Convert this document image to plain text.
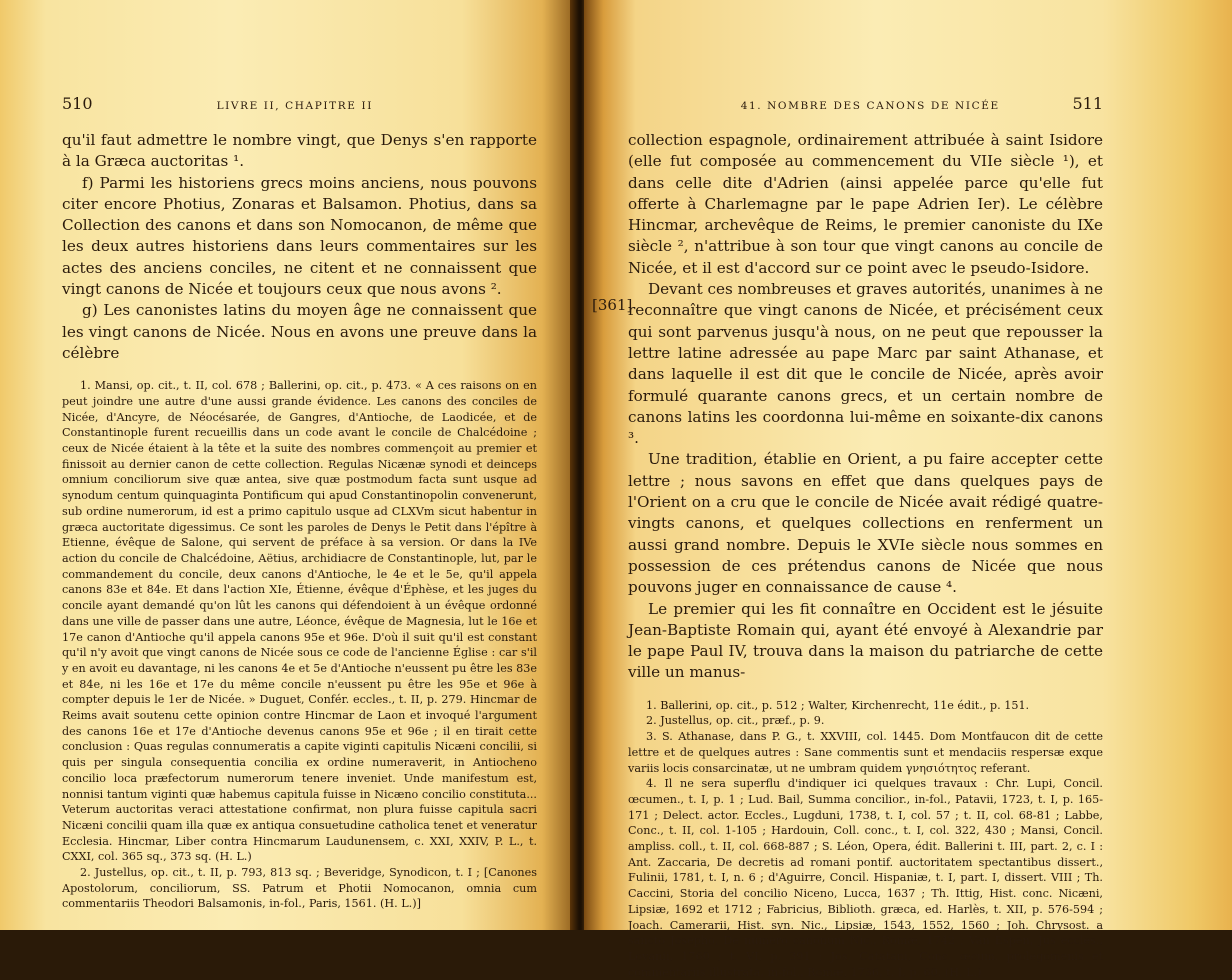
510	LIVRE II, CHAPITRE II

qu'il faut admettre le nombre vingt, que Denys s'en rapporte à la Græca auctoritas ¹.

f) Parmi les historiens grecs moins anciens, nous pouvons citer encore Photius, Zonaras et Balsamon. Photius, dans sa Collection des canons et dans son Nomocanon, de même que les deux autres historiens dans leurs commentaires sur les actes des anciens conciles, ne citent et ne connaissent que vingt canons de Nicée et toujours ceux que nous avons ².

g) Les canonistes latins du moyen âge ne connaissent que les vingt canons de Nicée. Nous en avons une preuve dans la célèbre

1. Mansi, op. cit., t. II, col. 678 ; Ballerini, op. cit., p. 473. « A ces raisons on en peut joindre une autre d'une aussi grande évidence. Les canons des conciles de Nicée, d'Ancyre, de Néocésarée, de Gangres, d'Antioche, de Laodicée, et de Constantinople furent recueillis dans un code avant le concile de Chalcédoine ; ceux de Nicée étaient à la tête et la suite des nombres commençoit au premier et finissoit au dernier canon de cette collection. Regulas Nicænæ synodi et deinceps omnium conciliorum sive quæ antea, sive quæ postmodum facta sunt usque ad synodum centum quinquaginta Pontificum qui apud Constantinopolin convenerunt, sub ordine numerorum, id est a primo capitulo usque ad CLXVm sicut habentur in græca auctoritate digessimus. Ce sont les paroles de Denys le Petit dans l'épître à Etienne, évêque de Salone, qui servent de préface à sa version. Or dans la IVe action du concile de Chalcédoine, Aëtius, archidiacre de Constantinople, lut, par le commandement du concile, deux canons d'Antioche, le 4e et le 5e, qu'il appela canons 83e et 84e. Et dans l'action XIe, Étienne, évêque d'Éphèse, et les juges du concile ayant demandé qu'on lût les canons qui défendoient à un évêque ordonné dans une ville de passer dans une autre, Léonce, évêque de Magnesia, lut le 16e et 17e canon d'Antioche qu'il appela canons 95e et 96e. D'où il suit qu'il est constant qu'il n'y avoit que vingt canons de Nicée sous ce code de l'ancienne Église : car s'il y en avoit eu davantage, ni les canons 4e et 5e d'Antioche n'eussent pu être les 83e et 84e, ni les 16e et 17e du même concile n'eussent pu être les 95e et 96e à compter depuis le 1er de Nicée. » Duguet, Confér. eccles., t. II, p. 279. Hincmar de Reims avait soutenu cette opinion contre Hincmar de Laon et invoqué l'argument des canons 16e et 17e d'Antioche devenus canons 95e et 96e ; il en tirait cette conclusion : Quas regulas connumeratis a capite viginti capitulis Nicæni concilii, si quis per singula consequentia concilia ex ordine numeraverit, in Antiocheno concilio loca præfectorum numerorum tenere inveniet. Unde manifestum est, nonnisi tantum viginti quæ habemus capitula fuisse in Nicæno concilio constituta... Veterum auctoritas veraci attestatione confirmat, non plura fuisse capitula sacri Nicæni concilii quam illa quæ ex antiqua consuetudine catholica tenet et veneratur Ecclesia. Hincmar, Liber contra Hincmarum Laudunensem, c. XXI, XXIV, P. L., t. CXXI, col. 365 sq., 373 sq. (H. L.)

2. Justellus, op. cit., t. II, p. 793, 813 sq. ; Beveridge, Synodicon, t. I ; [Canones Apostolorum, conciliorum, SS. Patrum et Photii Nomocanon, omnia cum commentariis Theodori Balsamonis, in-fol., Paris, 1561. (H. L.)]

41. NOMBRE DES CANONS DE NICÉE	511

collection espagnole, ordinairement attribuée à saint Isidore (elle fut composée au commencement du VIIe siècle ¹), et dans celle dite d'Adrien (ainsi appelée parce qu'elle fut offerte à Charlemagne par le pape Adrien Ier). Le célèbre Hincmar, archevêque de Reims, le premier canoniste du IXe siècle ², n'attribue à son tour que vingt canons au concile de Nicée, et il est d'accord sur ce point avec le pseudo-Isidore.

Devant ces nombreuses et graves autorités, unanimes à ne reconnaître que vingt canons de Nicée, et précisément ceux qui sont parvenus jusqu'à nous, on ne peut que repousser la lettre latine adressée au pape Marc par saint Athanase, et dans laquelle il est dit que le concile de Nicée, après avoir formulé quarante canons grecs, et un certain nombre de canons latins les coordonna lui-même en soixante-dix canons ³.

Une tradition, établie en Orient, a pu faire accepter cette lettre ; nous savons en effet que dans quelques pays de l'Orient on a cru que le concile de Nicée avait rédigé quatre-vingts canons, et quelques collections en renferment un aussi grand nombre. Depuis le XVIe siècle nous sommes en possession de ces prétendus canons de Nicée que nous pouvons juger en connaissance de cause ⁴.

Le premier qui les fit connaître en Occident est le jésuite Jean-Baptiste Romain qui, ayant été envoyé à Alexandrie par le pape Paul IV, trouva dans la maison du patriarche de cette ville un manus-

1. Ballerini, op. cit., p. 512 ; Walter, Kirchenrecht, 11e édit., p. 151.

2. Justellus, op. cit., præf., p. 9.

3. S. Athanase, dans P. G., t. XXVIII, col. 1445. Dom Montfaucon dit de cette lettre et de quelques autres : Sane commentis sunt et mendaciis respersæ exque variis locis consarcinatæ, ut ne umbram quidem γνησιότητος referant.

4. Il ne sera superflu d'indiquer ici quelques travaux : Chr. Lupi, Concil. œcumen., t. I, p. 1 ; Lud. Bail, Summa concilior., in-fol., Patavii, 1723, t. I, p. 165-171 ; Delect. actor. Eccles., Lugduni, 1738, t. I, col. 57 ; t. II, col. 68-81 ; Labbe, Conc., t. II, col. 1-105 ; Hardouin, Coll. conc., t. I, col. 322, 430 ; Mansi, Concil. ampliss. coll., t. II, col. 668-887 ; S. Léon, Opera, édit. Ballerini t. III, part. 2, c. I : Ant. Zaccaria, De decretis ad romani pontif. auctoritatem spectantibus dissert., Fulinii, 1781, t. I, n. 6 ; d'Aguirre, Concil. Hispaniæ, t. I, part. I, dissert. VIII ; Th. Caccini, Storia del concilio Niceno, Lucca, 1637 ; Th. Ittig, Hist. conc. Nicæni, Lipsiæ, 1692 et 1712 ; Fabricius, Biblioth. græca, ed. Harlès, t. XII, p. 576-594 ; Joach. Camerarii, Hist. syn. Nic., Lipsiæ, 1543, 1552, 1560 ; Joh. Chrysost. a sancto Josepho, De numero canonum Nic., Romæ, 1742 ; Van Espen, Jus eccles., Lovanii, 1760 ; t. VI, p. 391 ; Jos. Catatani, Conc. œcum. prolegomenis et commentariis illustrata, in-fol., Romæ, 1736, t. I, p. 60. (H. L.)

[361]
